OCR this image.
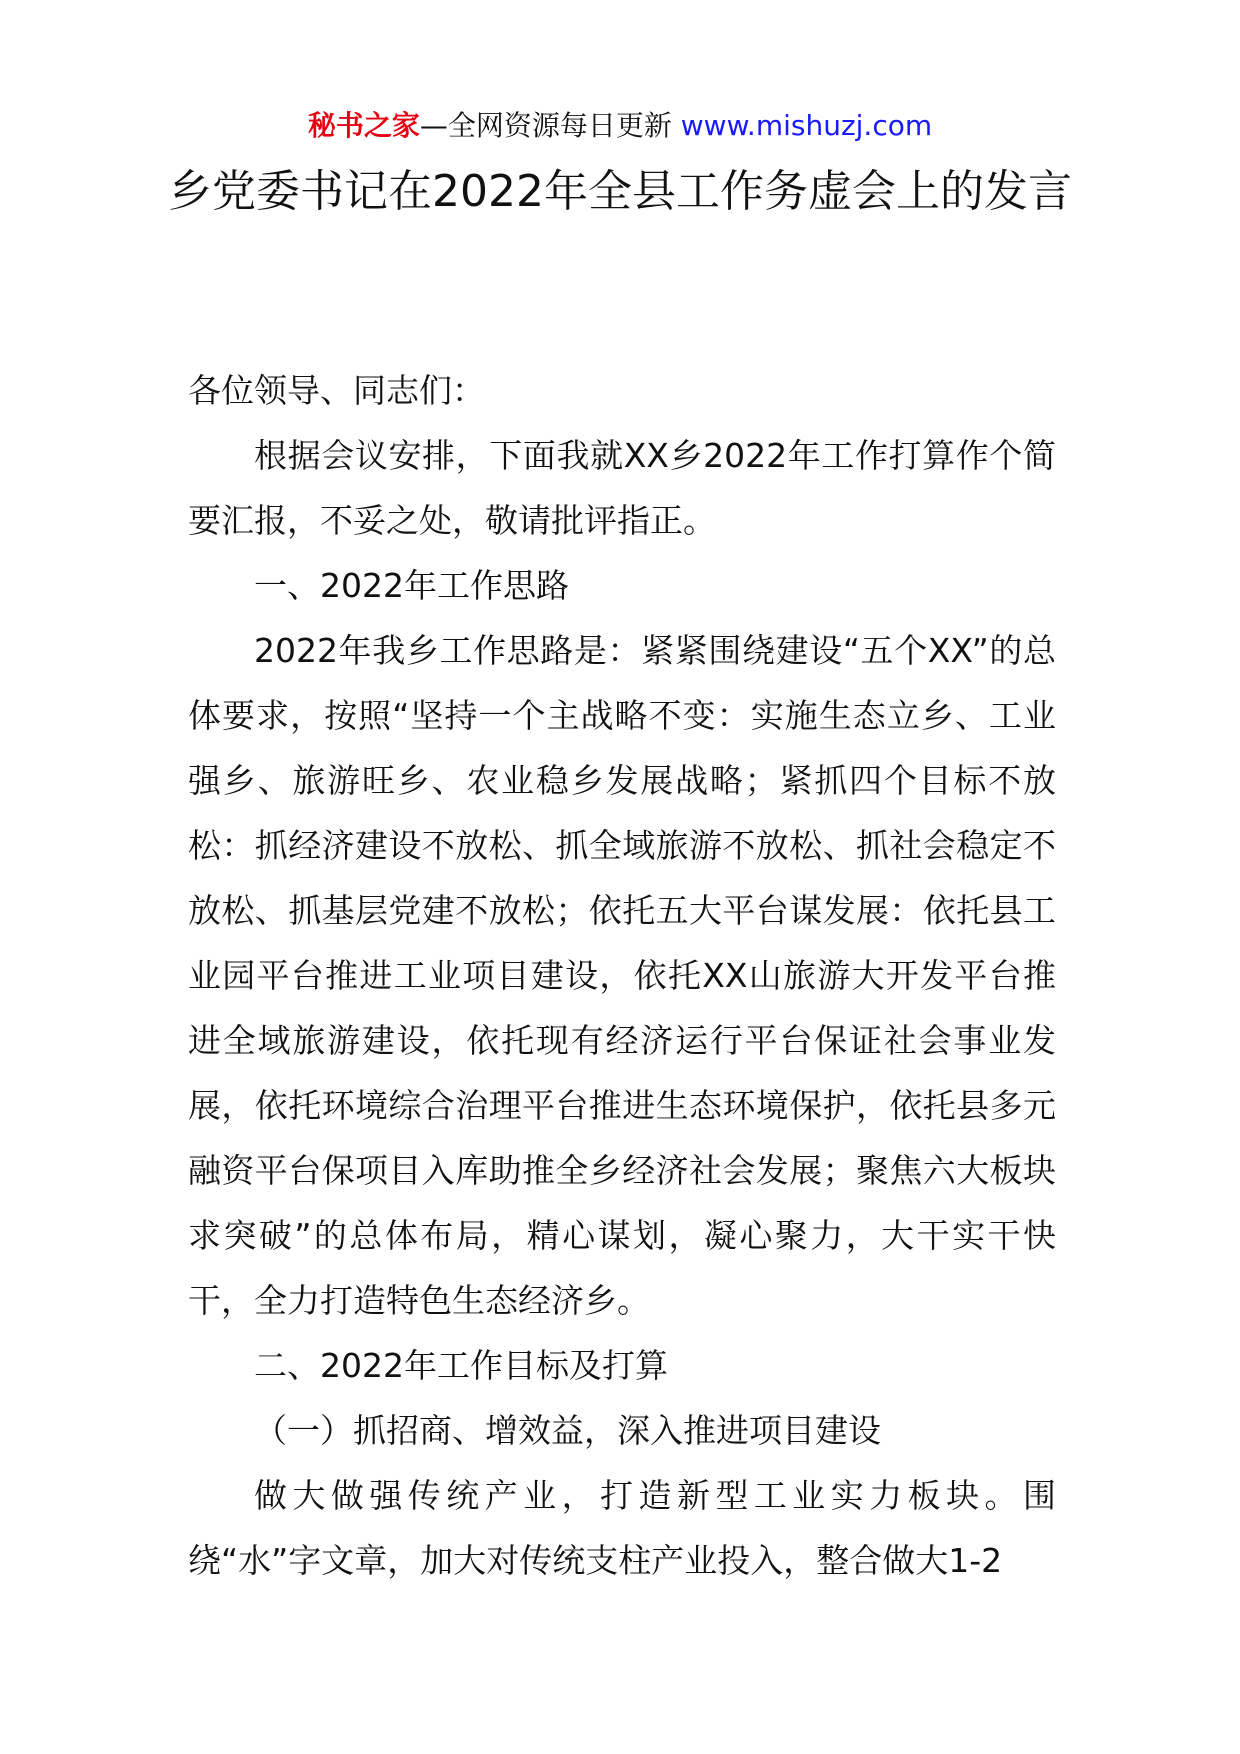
秘书之家—全网资源每日更新 www.mishuzj.com
乡党委书记在2022年全县工作务虚会上的发言

各位领导、同志们：

根据会议安排，下面我就XX乡2022年工作打算作个简要汇报，不妥之处，敬请批评指正。

一、2022年工作思路

2022年我乡工作思路是：紧紧围绕建设“五个XX”的总体要求，按照“坚持一个主战略不变：实施生态立乡、工业强乡、旅游旺乡、农业稳乡发展战略；紧抓四个目标不放松：抓经济建设不放松、抓全域旅游不放松、抓社会稳定不放松、抓基层党建不放松；依托五大平台谋发展：依托县工业园平台推进工业项目建设，依托XX山旅游大开发平台推进全域旅游建设，依托现有经济运行平台保证社会事业发展，依托环境综合治理平台推进生态环境保护，依托县多元融资平台保项目入库助推全乡经济社会发展；聚焦六大板块求突破”的总体布局，精心谋划，凝心聚力，大干实干快干，全力打造特色生态经济乡。

二、2022年工作目标及打算

（一）抓招商、增效益，深入推进项目建设

做大做强传统产业，打造新型工业实力板块。围绕“水”字文章，加大对传统支柱产业投入，整合做大1-2
